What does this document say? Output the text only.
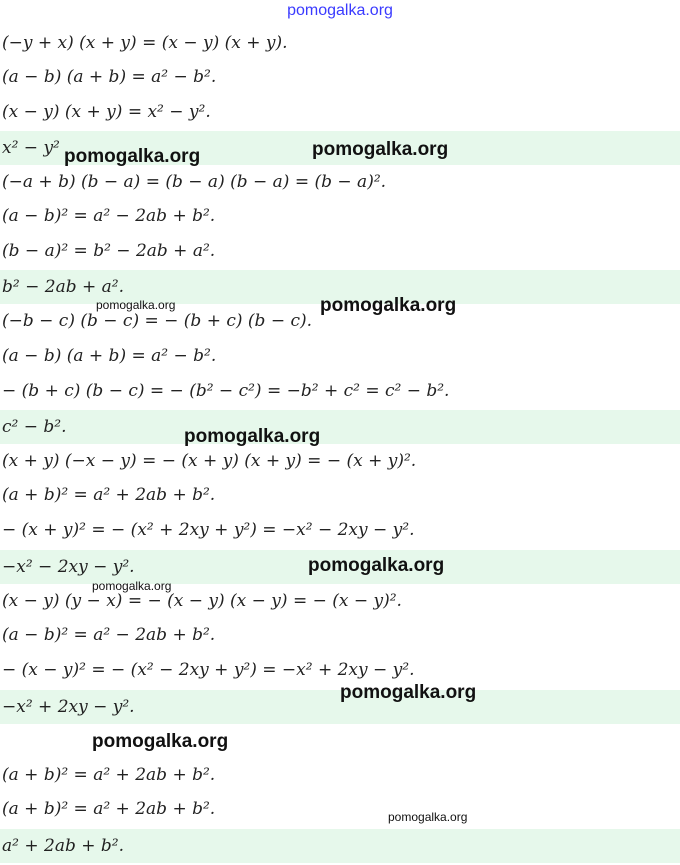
pomogalka.org
(−y + x) (x + y) = (x − y) (x + y).
(a − b) (a + b) = a² − b².
(x − y) (x + y) = x² − y².
x² − y²
(−a + b) (b − a) = (b − a) (b − a) = (b − a)².
(a − b)² = a² − 2ab + b².
(b − a)² = b² − 2ab + a².
b² − 2ab + a².
(−b − c) (b − c) = − (b + c) (b − c).
(a − b) (a + b) = a² − b².
− (b + c) (b − c) = − (b² − c²) = −b² + c² = c² − b².
c² − b².
(x + y) (−x − y) = − (x + y) (x + y) = − (x + y)².
(a + b)² = a² + 2ab + b².
− (x + y)² = − (x² + 2xy + y²) = −x² − 2xy − y².
−x² − 2xy − y².
(x − y) (y − x) = − (x − y) (x − y) = − (x − y)².
(a − b)² = a² − 2ab + b².
− (x − y)² = − (x² − 2xy + y²) = −x² + 2xy − y².
−x² + 2xy − y².
(a + b)² = a² + 2ab + b².
(a + b)² = a² + 2ab + b².
a² + 2ab + b².
pomogalka.org	pomogalka.org
pomogalka.org	pomogalka.org
pomogalka.org
pomogalka.org
pomogalka.org
pomogalka.org
pomogalka.org
pomogalka.org
